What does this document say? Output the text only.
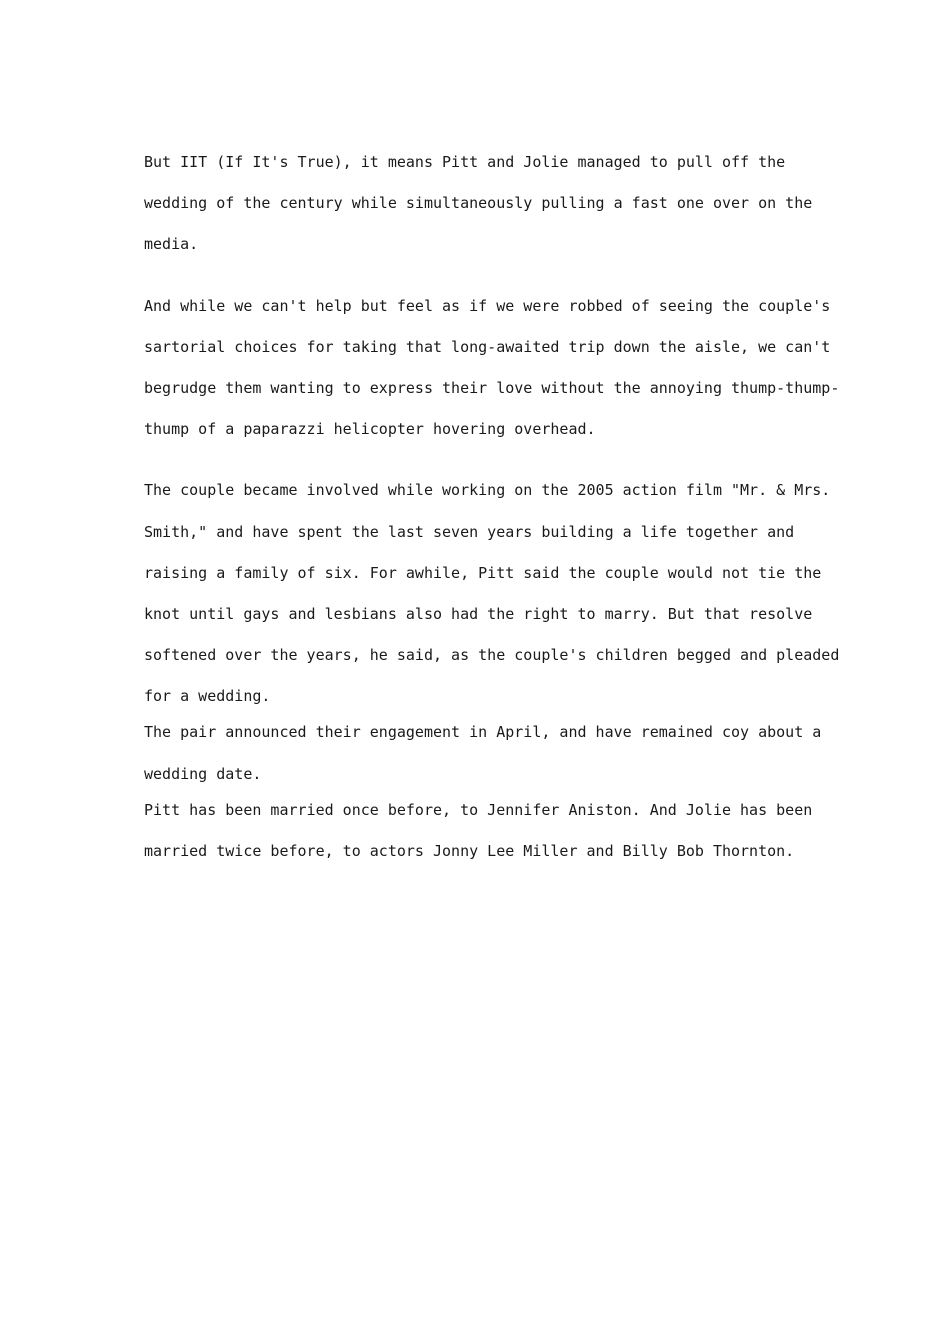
But IIT (If It's True), it means Pitt and Jolie managed to pull off the
wedding of the century while simultaneously pulling a fast one over on the
media.
And while we can't help but feel as if we were robbed of seeing the couple's
sartorial choices for taking that long-awaited trip down the aisle, we can't
begrudge them wanting to express their love without the annoying thump-thump-
thump of a paparazzi helicopter hovering overhead.
The couple became involved while working on the 2005 action film "Mr. & Mrs.
Smith," and have spent the last seven years building a life together and
raising a family of six. For awhile, Pitt said the couple would not tie the
knot until gays and lesbians also had the right to marry. But that resolve
softened over the years, he said, as the couple's children begged and pleaded
for a wedding.
The pair announced their engagement in April, and have remained coy about a
wedding date.
Pitt has been married once before, to Jennifer Aniston. And Jolie has been
married twice before, to actors Jonny Lee Miller and Billy Bob Thornton.
